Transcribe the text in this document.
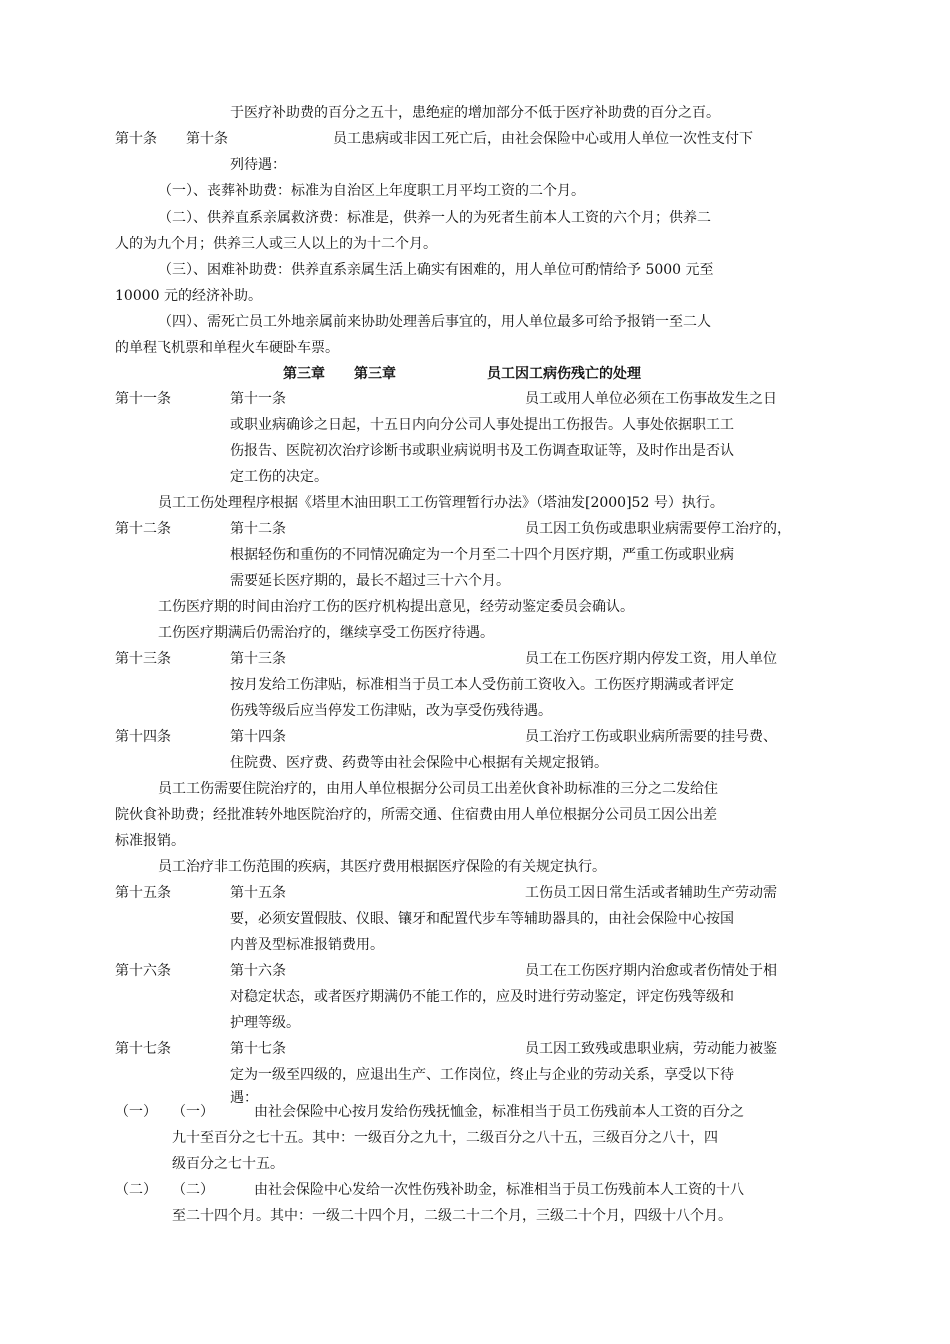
于医疗补助费的百分之五十，患绝症的增加部分不低于医疗补助费的百分之百。
第十条 第十条	员工患病或非因工死亡后，由社会保险中心或用人单位一次性支付下
列待遇：
（一）、丧葬补助费：标准为自治区上年度职工月平均工资的二个月。
（二）、供养直系亲属救济费：标准是，供养一人的为死者生前本人工资的六个月；供养二
人的为九个月；供养三人或三人以上的为十二个月。
（三）、困难补助费：供养直系亲属生活上确实有困难的，用人单位可酌情给予 5000 元至
10000 元的经济补助。
（四）、需死亡员工外地亲属前来协助处理善后事宜的，用人单位最多可给予报销一至二人
的单程飞机票和单程火车硬卧车票。
第三章 第三章	员工因工病伤残亡的处理
第十一条	第十一条	员工或用人单位必须在工伤事故发生之日
或职业病确诊之日起，十五日内向分公司人事处提出工伤报告。人事处依据职工工
伤报告、医院初次治疗诊断书或职业病说明书及工伤调查取证等，及时作出是否认
定工伤的决定。
员工工伤处理程序根据《塔里木油田职工工伤管理暂行办法》（塔油发[2000]52 号）执行。
第十二条	第十二条	员工因工负伤或患职业病需要停工治疗的，
根据轻伤和重伤的不同情况确定为一个月至二十四个月医疗期，严重工伤或职业病
需要延长医疗期的，最长不超过三十六个月。
工伤医疗期的时间由治疗工伤的医疗机构提出意见，经劳动鉴定委员会确认。
工伤医疗期满后仍需治疗的，继续享受工伤医疗待遇。
第十三条	第十三条	员工在工伤医疗期内停发工资，用人单位
按月发给工伤津贴，标准相当于员工本人受伤前工资收入。工伤医疗期满或者评定
伤残等级后应当停发工伤津贴，改为享受伤残待遇。
第十四条	第十四条	员工治疗工伤或职业病所需要的挂号费、
住院费、医疗费、药费等由社会保险中心根据有关规定报销。
员工工伤需要住院治疗的，由用人单位根据分公司员工出差伙食补助标准的三分之二发给住
院伙食补助费；经批准转外地医院治疗的，所需交通、住宿费由用人单位根据分公司员工因公出差
标准报销。
员工治疗非工伤范围的疾病，其医疗费用根据医疗保险的有关规定执行。
第十五条	第十五条	工伤员工因日常生活或者辅助生产劳动需
要，必须安置假肢、仪眼、镶牙和配置代步车等辅助器具的，由社会保险中心按国
内普及型标准报销费用。
第十六条	第十六条	员工在工伤医疗期内治愈或者伤情处于相
对稳定状态，或者医疗期满仍不能工作的，应及时进行劳动鉴定，评定伤残等级和
护理等级。
第十七条	第十七条	员工因工致残或患职业病，劳动能力被鉴
定为一级至四级的，应退出生产、工作岗位，终止与企业的劳动关系，享受以下待
遇：
（一） （一）	由社会保险中心按月发给伤残抚恤金，标准相当于员工伤残前本人工资的百分之
九十至百分之七十五。其中：一级百分之九十，二级百分之八十五，三级百分之八十，四
级百分之七十五。
（二） （二）	由社会保险中心发给一次性伤残补助金，标准相当于员工伤残前本人工资的十八
至二十四个月。其中：一级二十四个月，二级二十二个月，三级二十个月，四级十八个月。
